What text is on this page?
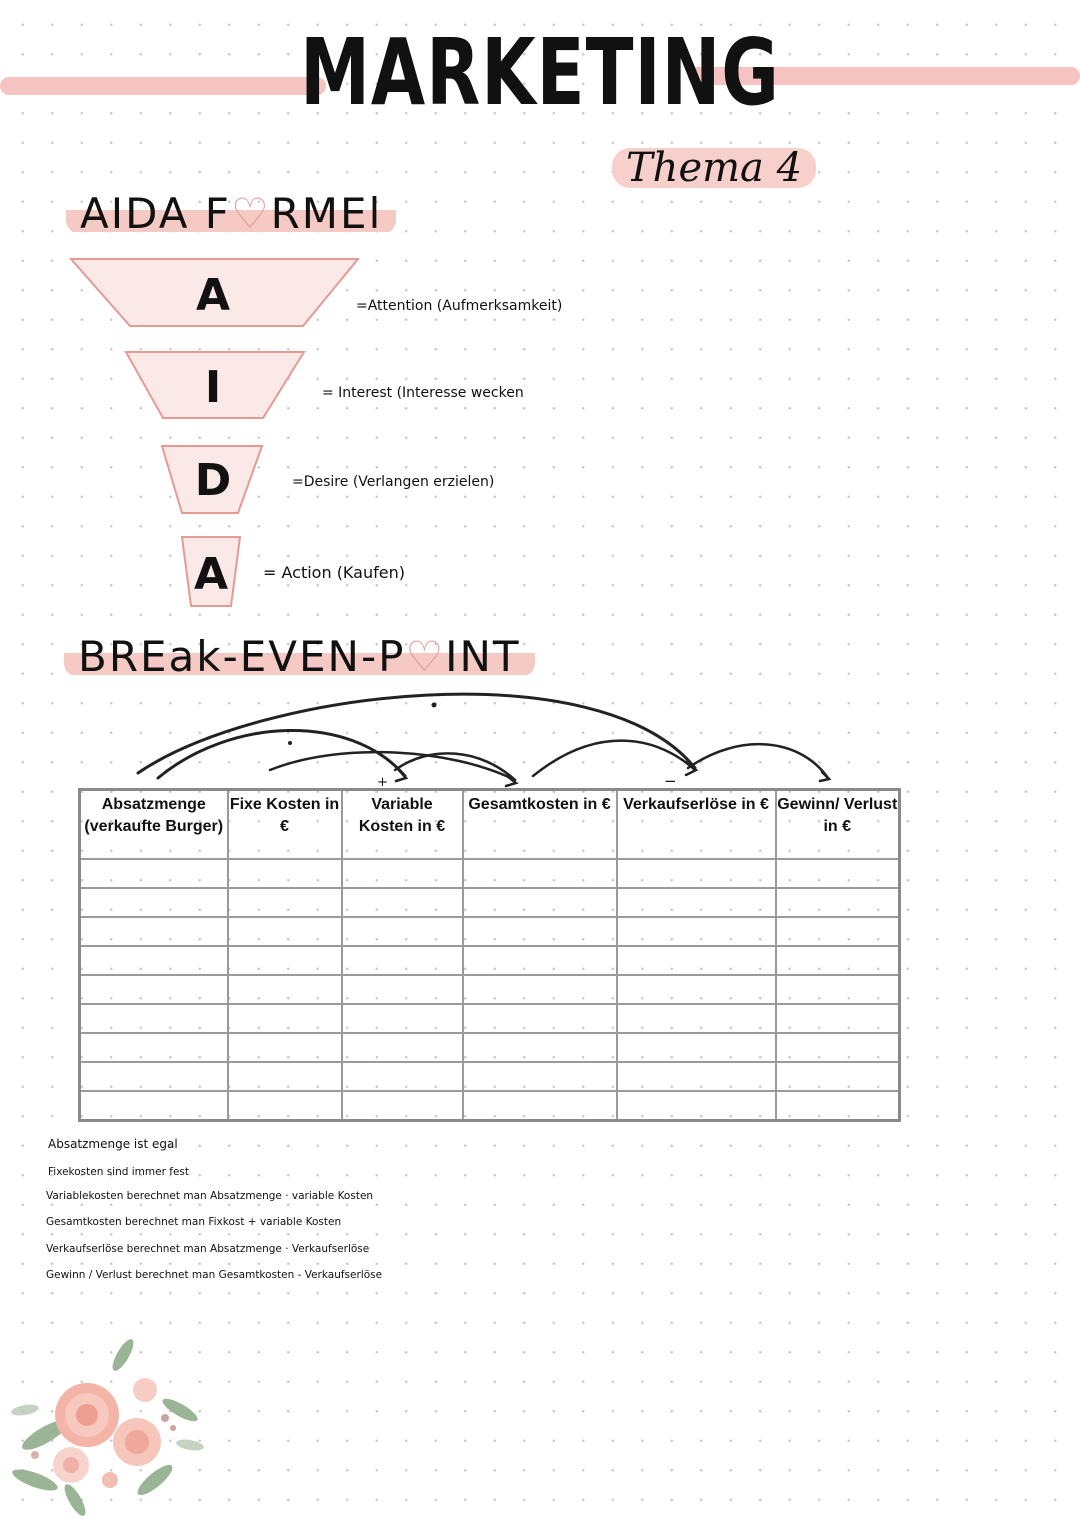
MARKETING
Thema 4
AIDA F♡RMEl
A
I
D
A
=Attention (Aufmerksamkeit)
= Interest (Interesse wecken
=Desire (Verlangen erzielen)
= Action (Kaufen)
BREak-EVEN-P♡INT
+	−
Absatzmenge (verkaufte Burger)	Fixe Kosten in €	Variable Kosten in €	Gesamtkosten in €	Verkaufserlöse in €	Gewinn/ Verlust in €

Absatzmenge ist egal
Fixekosten sind immer fest
Variablekosten berechnet man Absatzmenge · variable Kosten
Gesamtkosten berechnet man Fixkost + variable Kosten
Verkaufserlöse berechnet man Absatzmenge · Verkaufserlöse
Gewinn / Verlust berechnet man Gesamtkosten - Verkaufserlöse
